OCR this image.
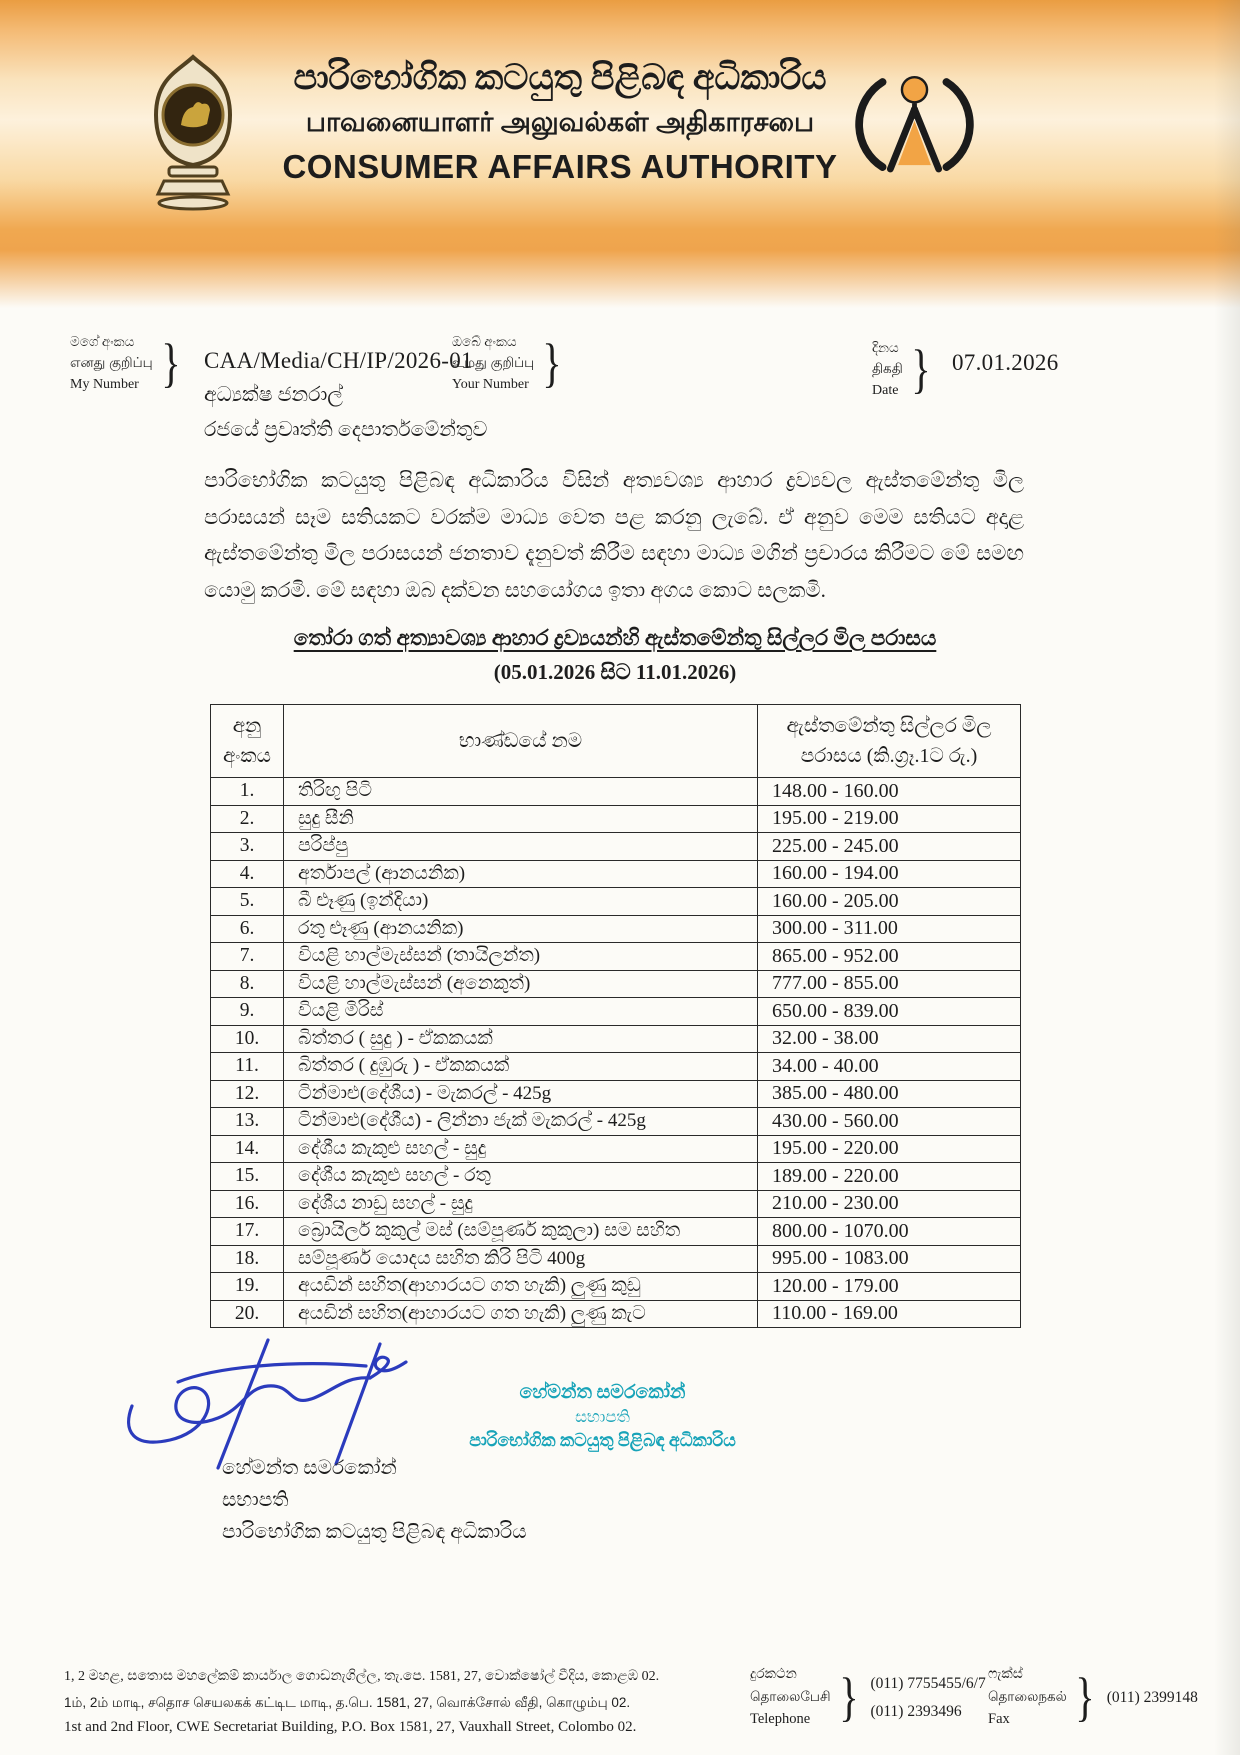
පාරිභෝගික කටයුතු පිළිබඳ අධිකාරිය
பாவனையாளர் அலுவல்கள் அதிகாரசபை
CONSUMER AFFAIRS AUTHORITY
මගේ අංකය
எனது குறிப்பு
My Number
}
CAA/Media/CH/IP/2026-01
ඔබේ අංකය
உமது குறிப்பு
Your Number
}
දිනය
திகதி
Date
}
07.01.2026
අධ්‍යක්ෂ ජනරාල්
රජයේ ප්‍රවෘත්ති දෙපාර්තමේන්තුව
පාරිභෝගික කටයුතු පිළිබඳ අධිකාරිය විසින් අත්‍යවශ්‍ය ආහාර ද්‍රව්‍යවල ඇස්තමේන්තු මිල පරාසයන් සෑම සතියකට වරක්ම මාධ්‍ය වෙත පළ කරනු ලැබේ. ඒ අනුව මෙම සතියට අදාළ ඇස්තමේන්තු මිල පරාසයන් ජනතාව දැනුවත් කිරීම සඳහා මාධ්‍ය මගින් ප්‍රචාරය කිරීමට මේ සමඟ යොමු කරමි. මේ සඳහා ඔබ දක්වන සහයෝගය ඉතා අගය කොට සලකමි.
තෝරා ගත් අත්‍යාවශ්‍ය ආහාර ද්‍රව්‍යයන්හි ඇස්තමේන්තු සිල්ලර මිල පරාසය
(05.01.2026 සිට 11.01.2026)
අනු අංකය	භාණ්ඩයේ නම	ඇස්තමේන්තු සිල්ලර මිල පරාසය (කි.ග්‍රෑ.1ට රු.)
1.	තිරිඟු පිටි	148.00 - 160.00
2.	සුදු සීනි	195.00 - 219.00
3.	පරිප්පු	225.00 - 245.00
4.	අර්තාපල් (ආනයනික)	160.00 - 194.00
5.	බී ළූණු (ඉන්දියා)	160.00 - 205.00
6.	රතු ළූණු (ආනයනික)	300.00 - 311.00
7.	වියළි හාල්මැස්සන් (තායිලන්ත)	865.00 - 952.00
8.	වියළි හාල්මැස්සන් (අනෙකුත්)	777.00 - 855.00
9.	වියළි මිරිස්	650.00 - 839.00
10.	බිත්තර ( සුදු ) - ඒකකයක්	32.00 - 38.00
11.	බිත්තර ( දුඹුරු ) - ඒකකයක්	34.00 - 40.00
12.	ටින්මාළු(දේශීය) - මැකරල් - 425g	385.00 - 480.00
13.	ටින්මාළු(දේශීය) - ලින්නා ජැක් මැකරල් - 425g	430.00 - 560.00
14.	දේශීය කැකුළු සහල් - සුදු	195.00 - 220.00
15.	දේශීය කැකුළු සහල් - රතු	189.00 - 220.00
16.	දේශීය නාඩු සහල් - සුදු	210.00 - 230.00
17.	බ්‍රොයිලර් කුකුල් මස් (සම්පූර්ණ කුකුලා) සම සහිත	800.00 - 1070.00
18.	සම්පූර්ණ යොදය සහිත කිරි පිටි 400g	995.00 - 1083.00
19.	අයඩින් සහිත(ආහාරයට ගත හැකි) ලුණු කුඩු	120.00 - 179.00
20.	අයඩින් සහිත(ආහාරයට ගත හැකි) ලුණු කැට	110.00 - 169.00
හේමන්ත සමරකෝන්
සභාපති
පාරිභෝගික කටයුතු පිළිබඳ අධිකාරිය
හේමන්ත සමරකෝන්
සභාපති
පාරිභෝගික කටයුතු පිළිබඳ අධිකාරිය
1, 2 මහළ, සතොස මහලේකම් කාර්යාල ගොඩනැගිල්ල, තැ.පෙ. 1581, 27, වොක්ෂෝල් වීදිය, කොළඹ 02.
1ம், 2ம் மாடி, சதொச செயலகக் கட்டிட மாடி, த.பெ. 1581, 27, வொக்சோல் வீதி, கொழும்பு 02.
1st and 2nd Floor, CWE Secretariat Building, P.O. Box 1581, 27, Vauxhall Street, Colombo 02.
දුරකථන
தொலைபேசி
Telephone
}
(011) 7755455/6/7
(011) 2393496
ෆැක්ස්
தொலைநகல்
Fax
}
(011) 2399148
